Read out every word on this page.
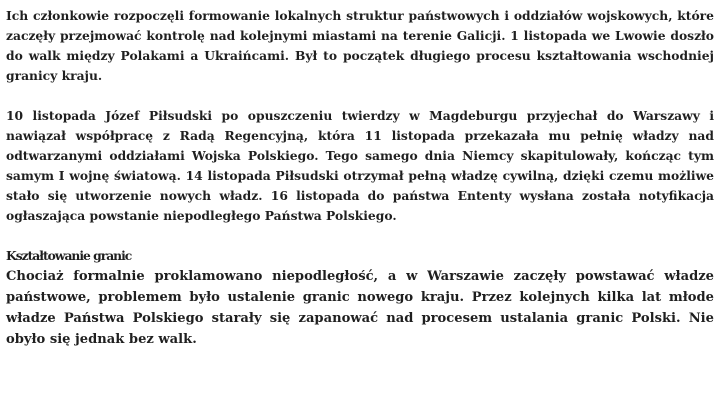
Ich członkowie rozpoczęli formowanie lokalnych struktur państwowych i oddziałów wojskowych, które zaczęły przejmować kontrolę nad kolejnymi miastami na terenie Galicji. 1 listopada we Lwowie doszło do walk między Polakami a Ukraińcami. Był to początek długiego procesu kształtowania wschodniej granicy kraju.

10 listopada Józef Piłsudski po opuszczeniu twierdzy w Magdeburgu przyjechał do Warszawy i nawiązał współpracę z Radą Regencyjną, która 11 listopada przekazała mu pełnię władzy nad odtwarzanymi oddziałami Wojska Polskiego. Tego samego dnia Niemcy skapitulowały, kończąc tym samym I wojnę światową. 14 listopada Piłsudski otrzymał pełną władzę cywilną, dzięki czemu możliwe stało się utworzenie nowych władz. 16 listopada do państwa Ententy wysłana została notyfikacja ogłaszająca powstanie niepodległego Państwa Polskiego.

Kształtowanie granic

Chociaż formalnie proklamowano niepodległość, a w Warszawie zaczęły powstawać władze państwowe, problemem było ustalenie granic nowego kraju. Przez kolejnych kilka lat młode władze Państwa Polskiego starały się zapanować nad procesem ustalania granic Polski. Nie obyło się jednak bez walk.
